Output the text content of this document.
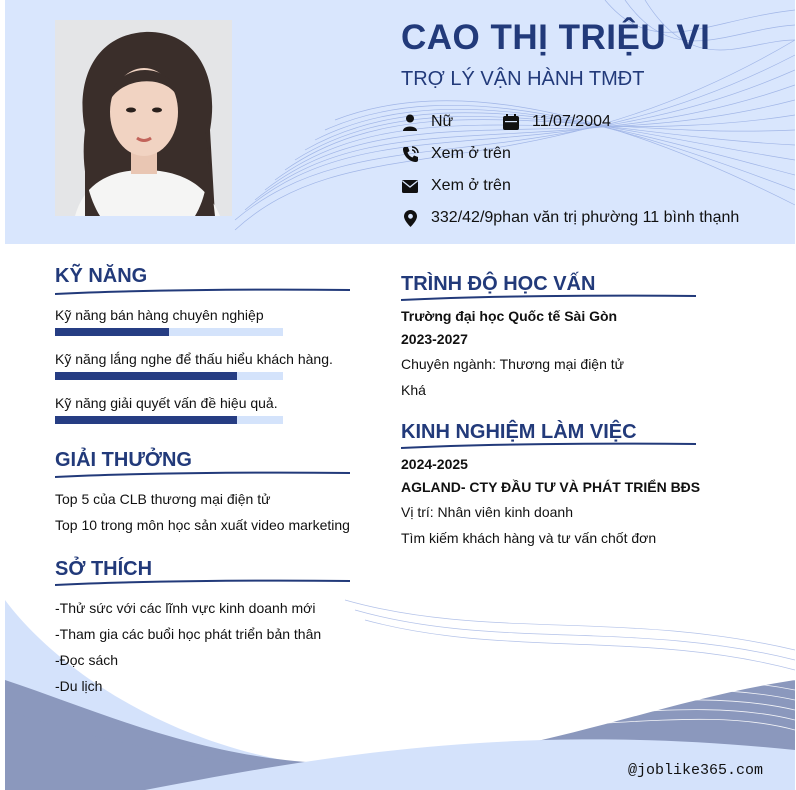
CAO THỊ TRIỆU VI
TRỢ LÝ VẬN HÀNH TMĐT
Nữ	11/07/2004
Xem ở trên
Xem ở trên
332/42/9phan văn trị phường 11 bình thạnh
KỸ NĂNG
Kỹ năng bán hàng chuyên nghiệp
Kỹ năng lắng nghe để thấu hiểu khách hàng.
Kỹ năng giải quyết vấn đề hiệu quả.
GIẢI THƯỞNG
Top 5 của CLB thương mại điện tử
Top 10 trong môn học sản xuất video marketing
SỞ THÍCH
-Thử sức với các lĩnh vực kinh doanh mới
-Tham gia các buổi học phát triển bản thân
-Đọc sách
-Du lịch
TRÌNH ĐỘ HỌC VẤN
Trường đại học Quốc tế Sài Gòn
2023-2027
Chuyên ngành: Thương mại điện tử
Khá
KINH NGHIỆM LÀM VIỆC
2024-2025
AGLAND- CTY ĐẦU TƯ VÀ PHÁT TRIỂN BĐS
Vị trí: Nhân viên kinh doanh
Tìm kiếm khách hàng và tư vấn chốt đơn
@joblike365.com
